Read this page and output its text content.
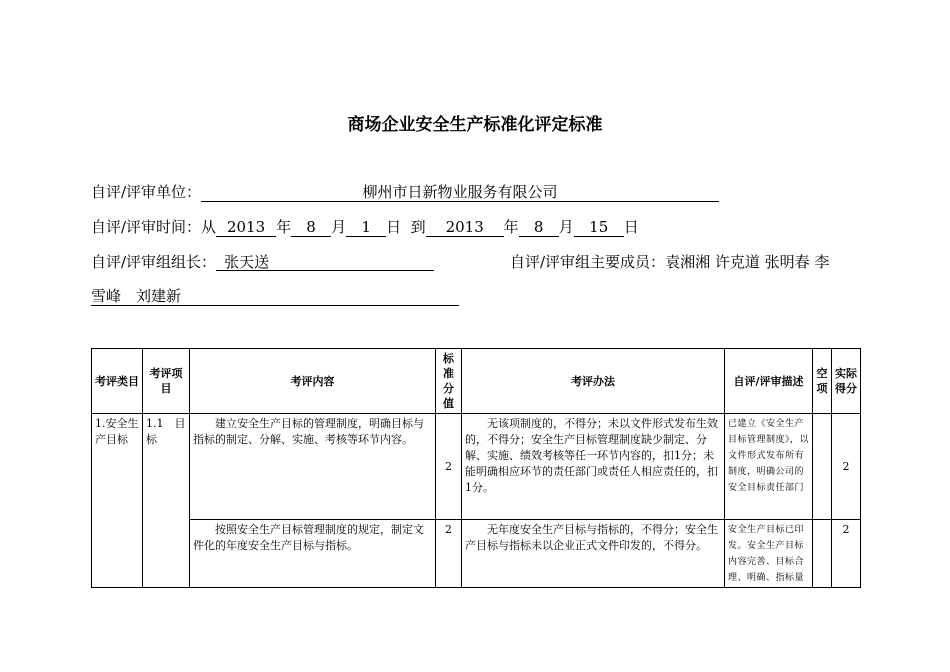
商场企业安全生产标准化评定标准
自评/评审单位：	柳州市日新物业服务有限公司
自评/评审时间：从 2013 年 8 月 1 日 到 2013 年 8 月 15 日
自评/评审组组长： 张天送	自评/评审组主要成员：袁湘湘 许克道 张明春 李
雪峰　刘建新
考评类目	考评项目	考评内容	标准分值	考评办法	自评/评审描述	空项	实际得分
1.安全生产目标	1.1　目标	建立安全生产目标的管理制度，明确目标与指标的制定、分解、实施、考核等环节内容。	2	无该项制度的，不得分；未以文件形式发布生效的，不得分；安全生产目标管理制度缺少制定、分解、实施、绩效考核等任一环节内容的，扣1分；未能明确相应环节的责任部门或责任人相应责任的，扣1分。	已建立《安全生产目标管理制度》，以文件形式发布所有制度，明确公司的安全目标责任部门		2
		按照安全生产目标管理制度的规定，制定文件化的年度安全生产目标与指标。	2	无年度安全生产目标与指标的，不得分；安全生产目标与指标未以企业正式文件印发的，不得分。	安全生产目标已印发。安全生产目标内容完善、目标合理、明确、指标量		2
